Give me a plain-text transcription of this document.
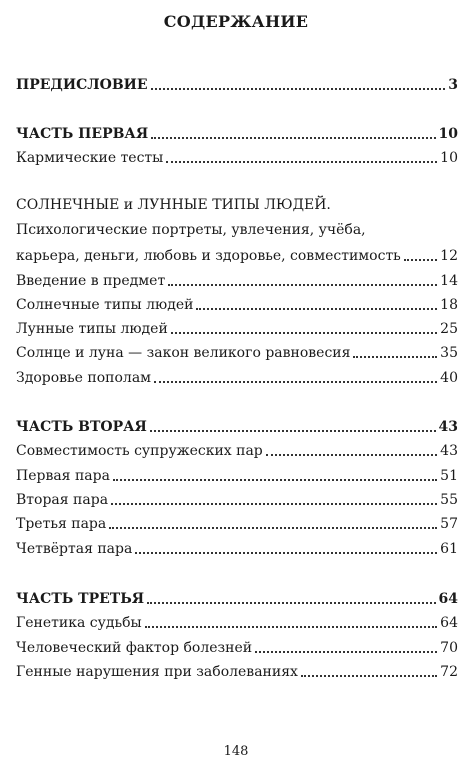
СОДЕРЖАНИЕ
ПРЕДИСЛОВИЕ	3
ЧАСТЬ ПЕРВАЯ	10
Кармические тесты	10
СОЛНЕЧНЫЕ и ЛУННЫЕ ТИПЫ ЛЮДЕЙ.
Психологические портреты, увлечения, учёба,
карьера, деньги, любовь и здоровье, совместимость	12
Введение в предмет	14
Солнечные типы людей	18
Лунные типы людей	25
Солнце и луна — закон великого равновесия	35
Здоровье пополам	40
ЧАСТЬ ВТОРАЯ	43
Совместимость супружеских пар	43
Первая пара	51
Вторая пара	55
Третья пара	57
Четвёртая пара	61
ЧАСТЬ ТРЕТЬЯ	64
Генетика судьбы	64
Человеческий фактор болезней	70
Генные нарушения при заболеваниях	72
148
